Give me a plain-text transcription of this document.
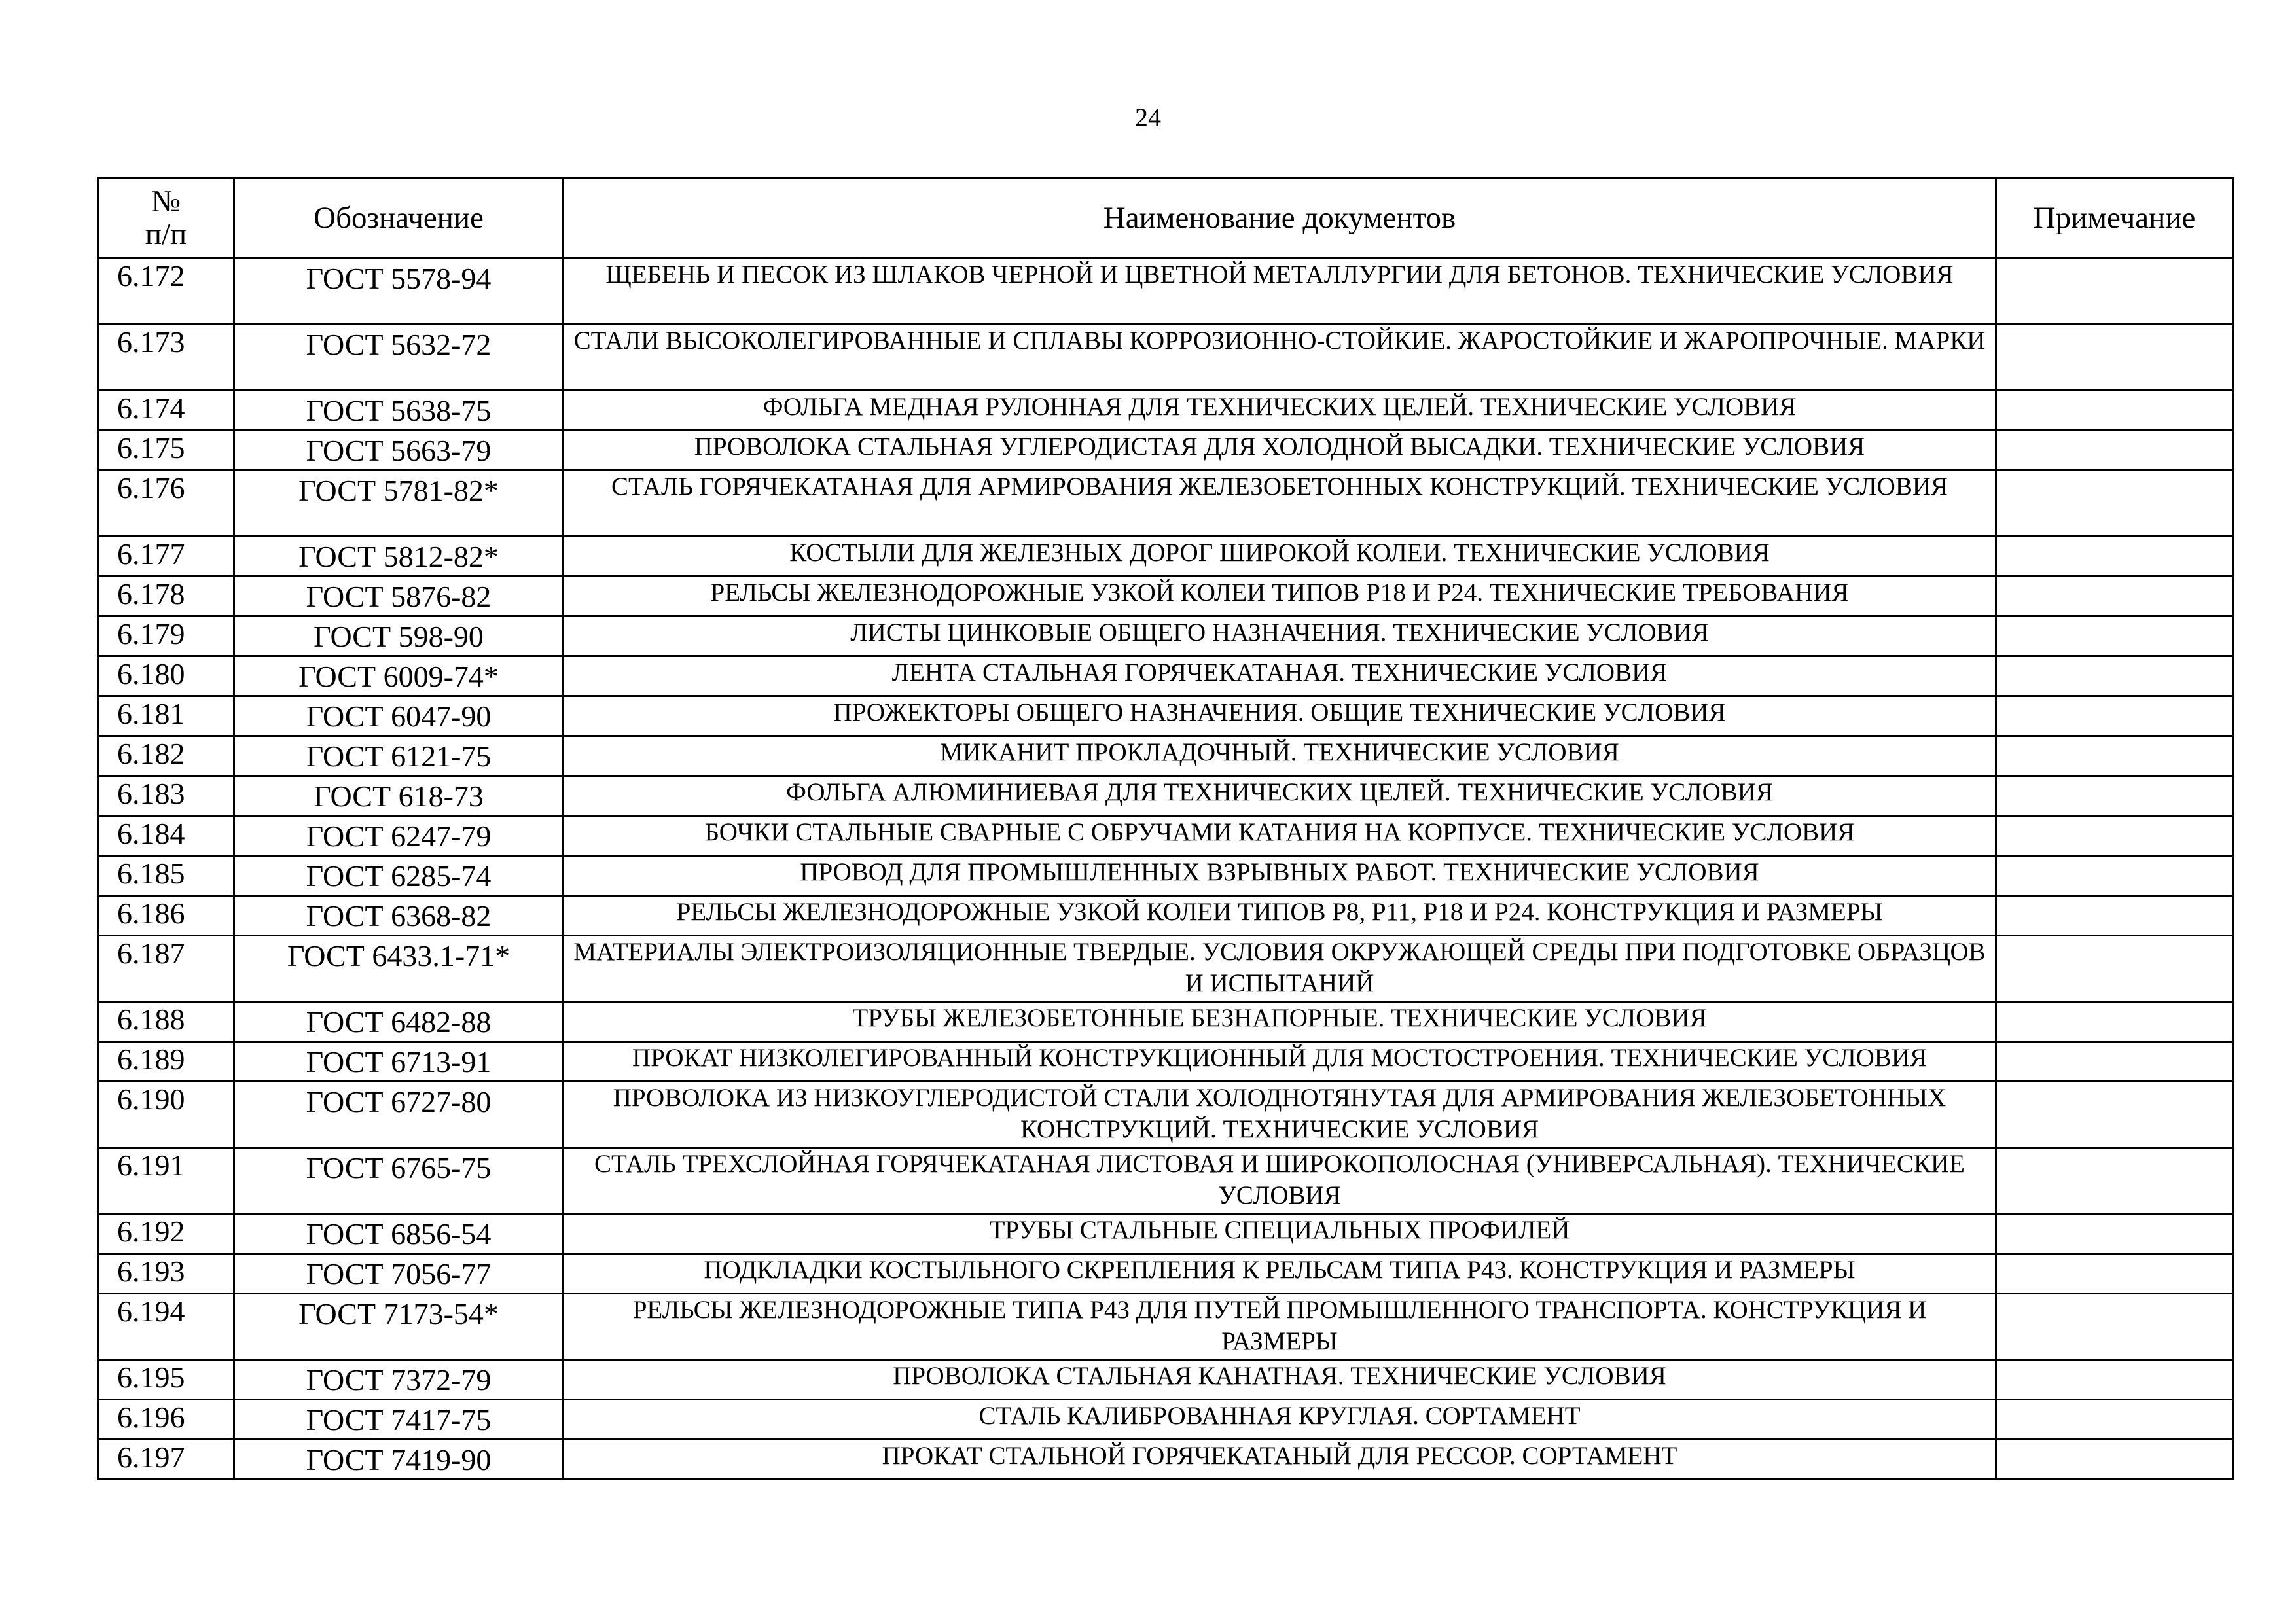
24
№
п/п	Обозначение	Наименование документов	Примечание
6.172	ГОСТ 5578-94	ЩЕБЕНЬ И ПЕСОК ИЗ ШЛАКОВ ЧЕРНОЙ И ЦВЕТНОЙ МЕТАЛЛУРГИИ ДЛЯ БЕТОНОВ. ТЕХНИЧЕСКИЕ УСЛОВИЯ	
6.173	ГОСТ 5632-72	СТАЛИ ВЫСОКОЛЕГИРОВАННЫЕ И СПЛАВЫ КОРРОЗИОННО-СТОЙКИЕ. ЖАРОСТОЙКИЕ И ЖАРОПРОЧНЫЕ. МАРКИ	
6.174	ГОСТ 5638-75	ФОЛЬГА МЕДНАЯ РУЛОННАЯ ДЛЯ ТЕХНИЧЕСКИХ ЦЕЛЕЙ. ТЕХНИЧЕСКИЕ УСЛОВИЯ	
6.175	ГОСТ 5663-79	ПРОВОЛОКА СТАЛЬНАЯ УГЛЕРОДИСТАЯ ДЛЯ ХОЛОДНОЙ ВЫСАДКИ. ТЕХНИЧЕСКИЕ УСЛОВИЯ	
6.176	ГОСТ 5781-82*	СТАЛЬ ГОРЯЧЕКАТАНАЯ ДЛЯ АРМИРОВАНИЯ ЖЕЛЕЗОБЕТОННЫХ КОНСТРУКЦИЙ. ТЕХНИЧЕСКИЕ УСЛОВИЯ	
6.177	ГОСТ 5812-82*	КОСТЫЛИ ДЛЯ ЖЕЛЕЗНЫХ ДОРОГ ШИРОКОЙ КОЛЕИ. ТЕХНИЧЕСКИЕ УСЛОВИЯ	
6.178	ГОСТ 5876-82	РЕЛЬСЫ ЖЕЛЕЗНОДОРОЖНЫЕ УЗКОЙ КОЛЕИ ТИПОВ Р18 И Р24. ТЕХНИЧЕСКИЕ ТРЕБОВАНИЯ	
6.179	ГОСТ 598-90	ЛИСТЫ ЦИНКОВЫЕ ОБЩЕГО НАЗНАЧЕНИЯ. ТЕХНИЧЕСКИЕ УСЛОВИЯ	
6.180	ГОСТ 6009-74*	ЛЕНТА СТАЛЬНАЯ ГОРЯЧЕКАТАНАЯ. ТЕХНИЧЕСКИЕ УСЛОВИЯ	
6.181	ГОСТ 6047-90	ПРОЖЕКТОРЫ ОБЩЕГО НАЗНАЧЕНИЯ. ОБЩИЕ ТЕХНИЧЕСКИЕ УСЛОВИЯ	
6.182	ГОСТ 6121-75	МИКАНИТ ПРОКЛАДОЧНЫЙ. ТЕХНИЧЕСКИЕ УСЛОВИЯ	
6.183	ГОСТ 618-73	ФОЛЬГА АЛЮМИНИЕВАЯ ДЛЯ ТЕХНИЧЕСКИХ ЦЕЛЕЙ. ТЕХНИЧЕСКИЕ УСЛОВИЯ	
6.184	ГОСТ 6247-79	БОЧКИ СТАЛЬНЫЕ СВАРНЫЕ С ОБРУЧАМИ КАТАНИЯ НА КОРПУСЕ. ТЕХНИЧЕСКИЕ УСЛОВИЯ	
6.185	ГОСТ 6285-74	ПРОВОД ДЛЯ ПРОМЫШЛЕННЫХ ВЗРЫВНЫХ РАБОТ. ТЕХНИЧЕСКИЕ УСЛОВИЯ	
6.186	ГОСТ 6368-82	РЕЛЬСЫ ЖЕЛЕЗНОДОРОЖНЫЕ УЗКОЙ КОЛЕИ ТИПОВ Р8, Р11, Р18 И Р24. КОНСТРУКЦИЯ И РАЗМЕРЫ	
6.187	ГОСТ 6433.1-71*	МАТЕРИАЛЫ ЭЛЕКТРОИЗОЛЯЦИОННЫЕ ТВЕРДЫЕ. УСЛОВИЯ ОКРУЖАЮЩЕЙ СРЕДЫ ПРИ ПОДГОТОВКЕ ОБРАЗЦОВ И ИСПЫТАНИЙ	
6.188	ГОСТ 6482-88	ТРУБЫ ЖЕЛЕЗОБЕТОННЫЕ БЕЗНАПОРНЫЕ. ТЕХНИЧЕСКИЕ УСЛОВИЯ	
6.189	ГОСТ 6713-91	ПРОКАТ НИЗКОЛЕГИРОВАННЫЙ КОНСТРУКЦИОННЫЙ ДЛЯ МОСТОСТРОЕНИЯ. ТЕХНИЧЕСКИЕ УСЛОВИЯ	
6.190	ГОСТ 6727-80	ПРОВОЛОКА ИЗ НИЗКОУГЛЕРОДИСТОЙ СТАЛИ ХОЛОДНОТЯНУТАЯ ДЛЯ АРМИРОВАНИЯ ЖЕЛЕЗОБЕТОННЫХ КОНСТРУКЦИЙ. ТЕХНИЧЕСКИЕ УСЛОВИЯ	
6.191	ГОСТ 6765-75	СТАЛЬ ТРЕХСЛОЙНАЯ ГОРЯЧЕКАТАНАЯ ЛИСТОВАЯ И ШИРОКОПОЛОСНАЯ (УНИВЕРСАЛЬНАЯ). ТЕХНИЧЕСКИЕ УСЛОВИЯ	
6.192	ГОСТ 6856-54	ТРУБЫ СТАЛЬНЫЕ СПЕЦИАЛЬНЫХ ПРОФИЛЕЙ	
6.193	ГОСТ 7056-77	ПОДКЛАДКИ КОСТЫЛЬНОГО СКРЕПЛЕНИЯ К РЕЛЬСАМ ТИПА Р43. КОНСТРУКЦИЯ И РАЗМЕРЫ	
6.194	ГОСТ 7173-54*	РЕЛЬСЫ ЖЕЛЕЗНОДОРОЖНЫЕ ТИПА Р43 ДЛЯ ПУТЕЙ ПРОМЫШЛЕННОГО ТРАНСПОРТА. КОНСТРУКЦИЯ И РАЗМЕРЫ	
6.195	ГОСТ 7372-79	ПРОВОЛОКА СТАЛЬНАЯ КАНАТНАЯ. ТЕХНИЧЕСКИЕ УСЛОВИЯ	
6.196	ГОСТ 7417-75	СТАЛЬ КАЛИБРОВАННАЯ КРУГЛАЯ. СОРТАМЕНТ	
6.197	ГОСТ 7419-90	ПРОКАТ СТАЛЬНОЙ ГОРЯЧЕКАТАНЫЙ ДЛЯ РЕССОР. СОРТАМЕНТ	
